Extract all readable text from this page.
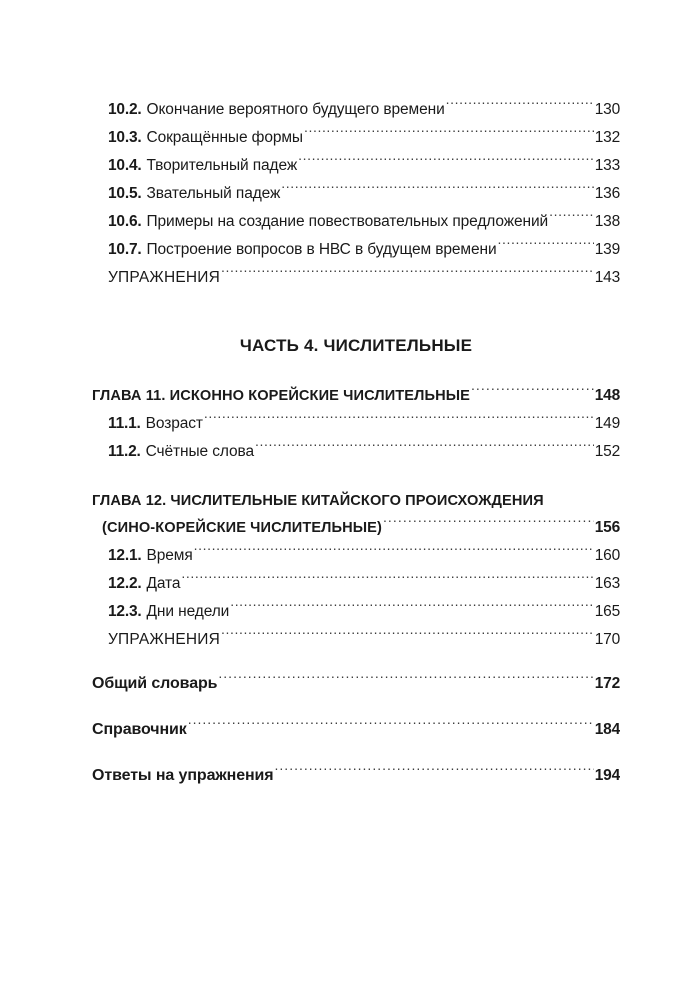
10.2. Окончание вероятного будущего времени .....	130
10.3. Сокращённые формы .....	132
10.4. Творительный падеж .....	133
10.5. Звательный падеж .....	136
10.6. Примеры на создание повествовательных предложений .....	138
10.7. Построение вопросов в НВС в будущем времени .....	139
УПРАЖНЕНИЯ .....	143
ЧАСТЬ 4. ЧИСЛИТЕЛЬНЫЕ
ГЛАВА 11. ИСКОННО КОРЕЙСКИЕ ЧИСЛИТЕЛЬНЫЕ .....	148
11.1. Возраст .....	149
11.2. Счётные слова .....	152
ГЛАВА 12. ЧИСЛИТЕЛЬНЫЕ КИТАЙСКОГО ПРОИСХОЖДЕНИЯ
(СИНО-КОРЕЙСКИЕ ЧИСЛИТЕЛЬНЫЕ) .....	156
12.1. Время .....	160
12.2. Дата .....	163
12.3. Дни недели .....	165
УПРАЖНЕНИЯ .....	170
Общий словарь .....	172
Справочник .....	184
Ответы на упражнения .....	194
